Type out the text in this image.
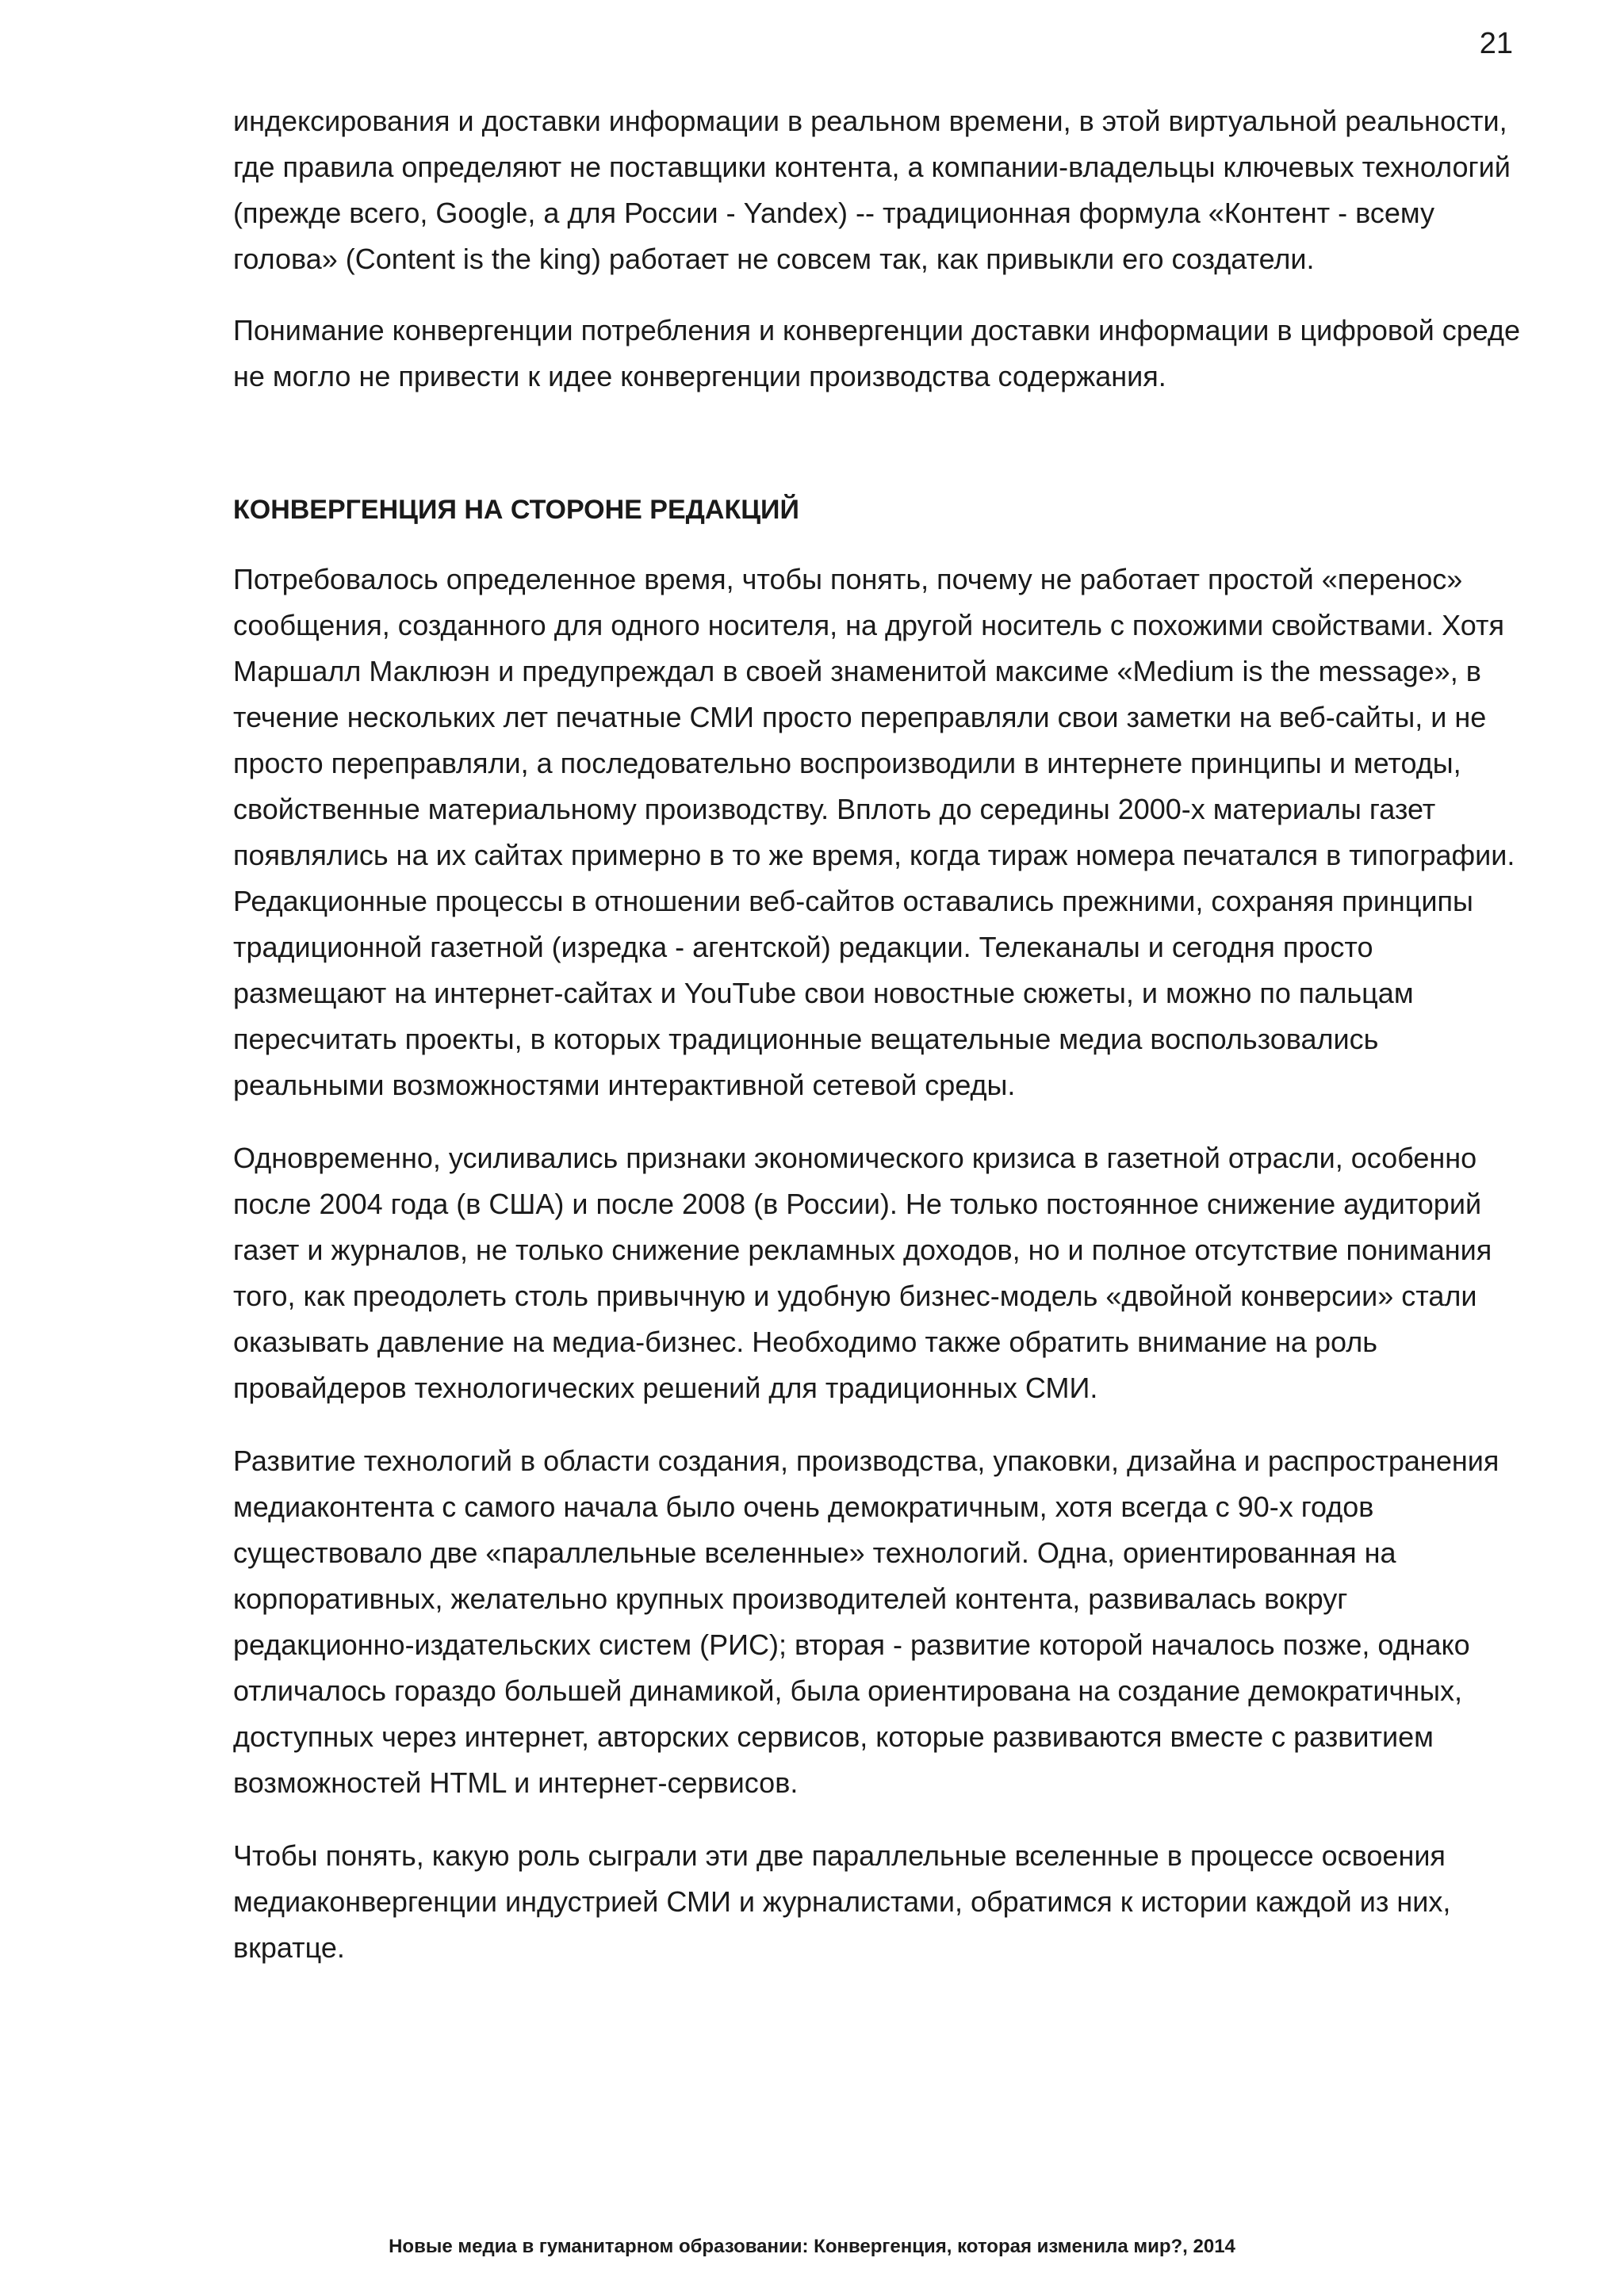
21

индексирования и доставки информации в реальном времени, в этой виртуальной реальности, где правила определяют не поставщики контента, а компании-владельцы ключевых технологий (прежде всего, Google, а для России - Yandex) -- традиционная формула «Контент - всему голова» (Content is the king) работает не совсем так, как привыкли его создатели.

Понимание конвергенции потребления и конвергенции доставки информации в цифровой среде не могло не привести к идее конвергенции производства содержания.

КОНВЕРГЕНЦИЯ НА СТОРОНЕ РЕДАКЦИЙ

Потребовалось определенное время, чтобы понять, почему не работает простой «перенос» сообщения, созданного для одного носителя, на другой носитель с похожими свойствами. Хотя Маршалл Маклюэн и предупреждал в своей знаменитой максиме «Medium is the message», в течение нескольких лет печатные СМИ просто переправляли свои заметки на веб-сайты, и не просто переправляли, а последовательно воспроизводили в интернете принципы и методы, свойственные материальному производству. Вплоть до середины 2000-х материалы газет появлялись на их сайтах примерно в то же время, когда тираж номера печатался в типографии. Редакционные процессы в отношении веб-сайтов оставались прежними, сохраняя принципы традиционной газетной (изредка - агентской) редакции. Телеканалы и сегодня просто размещают на интернет-сайтах и YouTube свои новостные сюжеты, и можно по пальцам пересчитать проекты, в которых традиционные вещательные медиа воспользовались реальными возможностями интерактивной сетевой среды.

Одновременно, усиливались признаки экономического кризиса в газетной отрасли, особенно после 2004 года (в США) и после 2008 (в России). Не только постоянное снижение аудиторий газет и журналов, не только снижение рекламных доходов, но и полное отсутствие понимания того, как преодолеть столь привычную и удобную бизнес-модель «двойной конверсии» стали оказывать давление на медиа-бизнес. Необходимо также обратить внимание на роль провайдеров технологических решений для традиционных СМИ.

Развитие технологий в области создания, производства, упаковки, дизайна и распространения медиаконтента с самого начала было очень демократичным, хотя всегда с 90-х годов существовало две «параллельные вселенные» технологий. Одна, ориентированная на корпоративных, желательно крупных производителей контента, развивалась вокруг редакционно-издательских систем (РИС); вторая - развитие которой началось позже, однако отличалось гораздо большей динамикой, была ориентирована на создание демократичных, доступных через интернет, авторских сервисов, которые развиваются вместе с развитием возможностей HTML и интернет-сервисов.

Чтобы понять, какую роль сыграли эти две параллельные вселенные в процессе освоения медиаконвергенции индустрией СМИ и журналистами, обратимся к истории каждой из них, вкратце.

Новые медиа в гуманитарном образовании: Конвергенция, которая изменила мир?, 2014
